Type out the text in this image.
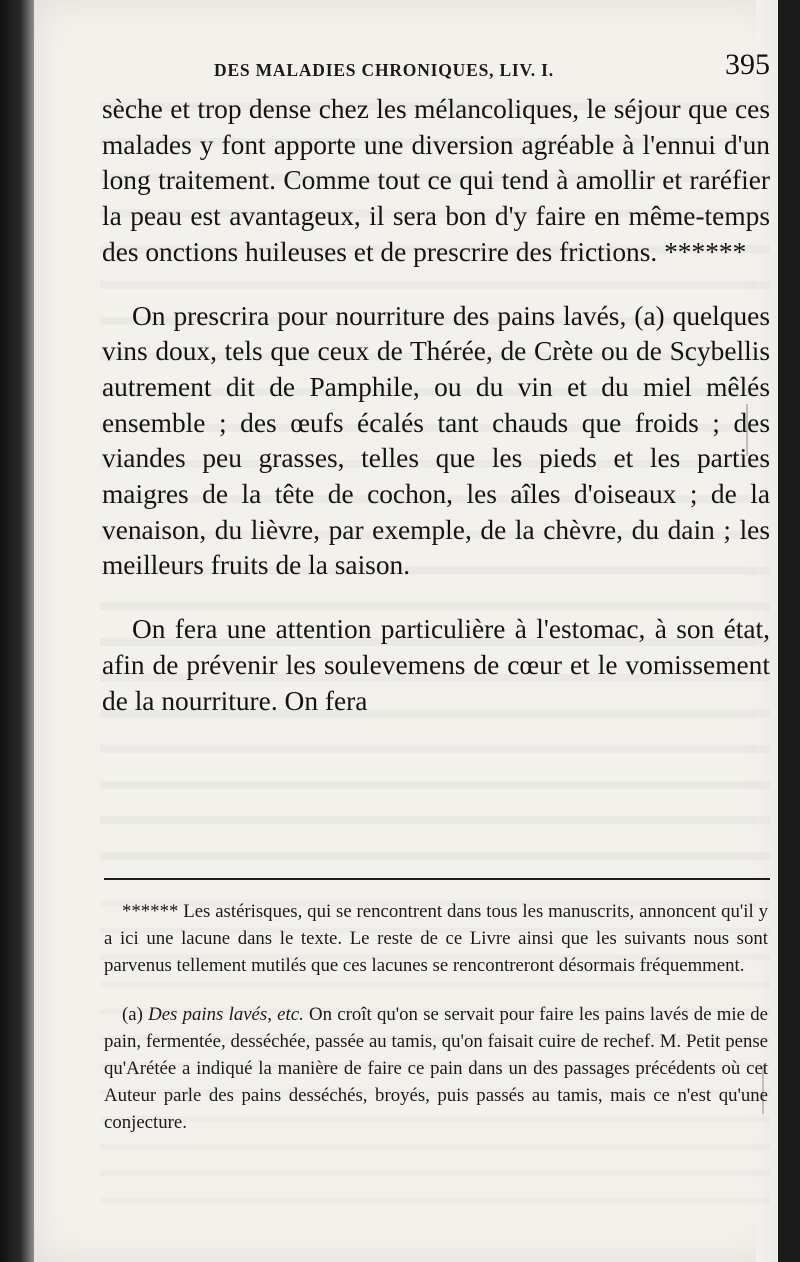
DES MALADIES CHRONIQUES, LIV. I.	395

sèche et trop dense chez les mélancoliques, le séjour que ces malades y font apporte une diversion agréable à l'ennui d'un long traitement. Comme tout ce qui tend à amollir et raréfier la peau est avantageux, il sera bon d'y faire en même-temps des onctions huileuses et de prescrire des frictions. ******

On prescrira pour nourriture des pains lavés, (a) quelques vins doux, tels que ceux de Thérée, de Crète ou de Scybellis autrement dit de Pamphile, ou du vin et du miel mêlés ensemble ; des œufs écalés tant chauds que froids ; des viandes peu grasses, telles que les pieds et les parties maigres de la tête de cochon, les aîles d'oiseaux ; de la venaison, du lièvre, par exemple, de la chèvre, du dain ; les meilleurs fruits de la saison.

On fera une attention particulière à l'estomac, à son état, afin de prévenir les soulevemens de cœur et le vomissement de la nourriture. On fera

****** Les astérisques, qui se rencontrent dans tous les manuscrits, annoncent qu'il y a ici une lacune dans le texte. Le reste de ce Livre ainsi que les suivants nous sont parvenus tellement mutilés que ces lacunes se rencontreront désormais fréquemment.

(a) Des pains lavés, etc. On croît qu'on se servait pour faire les pains lavés de mie de pain, fermentée, desséchée, passée au tamis, qu'on faisait cuire de rechef. M. Petit pense qu'Arétée a indiqué la manière de faire ce pain dans un des passages précédents où cet Auteur parle des pains desséchés, broyés, puis passés au tamis, mais ce n'est qu'une conjecture.
